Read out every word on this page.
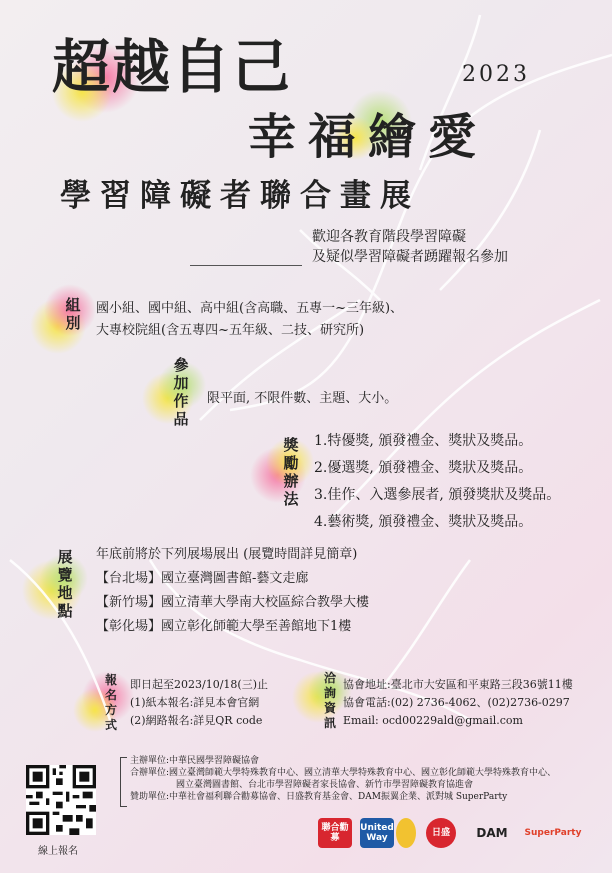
超越自己	2023
幸福繪愛
學習障礙者聯合畫展
歡迎各教育階段學習障礙
及疑似學習障礙者踴躍報名參加
組別
國小組、國中組、高中組(含高職、五專一~三年級)、
大專校院組(含五專四~五年級、二技、研究所)
參加作品
限平面, 不限件數、主題、大小。
獎勵辦法
1.特優獎, 頒發禮金、獎狀及獎品。
2.優選獎, 頒發禮金、獎狀及獎品。
3.佳作、入選參展者, 頒發獎狀及獎品。
4.藝術獎, 頒發禮金、獎狀及獎品。
展覽地點
年底前將於下列展場展出 (展覽時間詳見簡章)
【台北場】國立臺灣圖書館-藝文走廊
【新竹場】國立清華大學南大校區綜合教學大樓
【彰化場】國立彰化師範大學至善館地下1樓
報名方式
即日起至2023/10/18(三)止
(1)紙本報名:詳見本會官網
(2)網路報名:詳見QR code
洽詢資訊
協會地址:臺北市大安區和平東路三段36號11樓
協會電話:(02) 2736-4062、(02)2736-0297
Email: ocd00229ald@gmail.com
主辦單位:中華民國學習障礙協會
合辦單位:國立臺灣師範大學特殊教育中心、國立清華大學特殊教育中心、國立彰化師範大學特殊教育中心、
國立臺灣圖書館、台北市學習障礙者家長協會、新竹市學習障礙教育協進會
贊助單位:中華社會福利聯合勸募協會、日盛教育基金會、DAM振翼企業、派對城 SuperParty
線上報名
聯合勸募
United Way	日盛	DAM	SuperParty
